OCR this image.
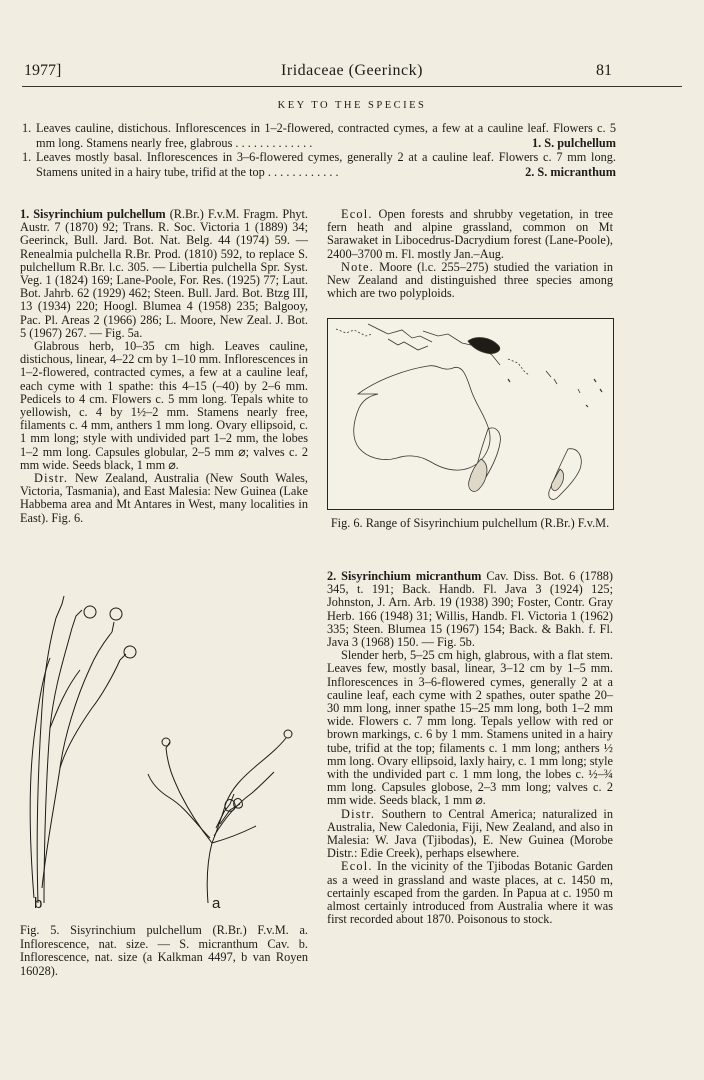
1977]	Iridaceae (Geerinck)	81
KEY TO THE SPECIES
1. Leaves cauline, distichous. Inflorescences in 1–2-flowered, contracted cymes, a few at a cauline leaf. Flowers c. 5 mm long. Stamens nearly free, glabrous . . . . . . . . . . . . .	1. S. pulchellum
1. Leaves mostly basal. Inflorescences in 3–6-flowered cymes, generally 2 at a cauline leaf. Flowers c. 7 mm long. Stamens united in a hairy tube, trifid at the top . . . . . . . . . . . .	2. S. micranthum

1. Sisyrinchium pulchellum (R.Br.) F.v.M. Fragm. Phyt. Austr. 7 (1870) 92; Trans. R. Soc. Victoria 1 (1889) 34; Geerinck, Bull. Jard. Bot. Nat. Belg. 44 (1974) 59. — Renealmia pulchella R.Br. Prod. (1810) 592, to replace S. pulchellum R.Br. l.c. 305. — Libertia pulchella Spr. Syst. Veg. 1 (1824) 169; Lane-Poole, For. Res. (1925) 77; Laut. Bot. Jahrb. 62 (1929) 462; Steen. Bull. Jard. Bot. Btzg III, 13 (1934) 220; Hoogl. Blumea 4 (1958) 235; Balgooy, Pac. Pl. Areas 2 (1966) 286; L. Moore, New Zeal. J. Bot. 5 (1967) 267. — Fig. 5a.

Glabrous herb, 10–35 cm high. Leaves cauline, distichous, linear, 4–22 cm by 1–10 mm. Inflorescences in 1–2-flowered, contracted cymes, a few at a cauline leaf, each cyme with 1 spathe: this 4–15 (–40) by 2–6 mm. Pedicels to 4 cm. Flowers c. 5 mm long. Tepals white to yellowish, c. 4 by 1½–2 mm. Stamens nearly free, filaments c. 4 mm, anthers 1 mm long. Ovary ellipsoid, c. 1 mm long; style with undivided part 1–2 mm, the lobes 1–2 mm long. Capsules globular, 2–5 mm ⌀; valves c. 2 mm wide. Seeds black, 1 mm ⌀.

Distr. New Zealand, Australia (New South Wales, Victoria, Tasmania), and East Malesia: New Guinea (Lake Habbema area and Mt Antares in West, many localities in East). Fig. 6.

Ecol. Open forests and shrubby vegetation, in tree fern heath and alpine grassland, common on Mt Sarawaket in Libocedrus-Dacrydium forest (Lane-Poole), 2400–3700 m. Fl. mostly Jan.–Aug.

Note. Moore (l.c. 255–275) studied the variation in New Zealand and distinguished three species among which are two polyploids.

Fig. 6. Range of Sisyrinchium pulchellum (R.Br.) F.v.M.

2. Sisyrinchium micranthum Cav. Diss. Bot. 6 (1788) 345, t. 191; Back. Handb. Fl. Java 3 (1924) 125; Johnston, J. Arn. Arb. 19 (1938) 390; Foster, Contr. Gray Herb. 166 (1948) 31; Willis, Handb. Fl. Victoria 1 (1962) 335; Steen. Blumea 15 (1967) 154; Back. & Bakh. f. Fl. Java 3 (1968) 150. — Fig. 5b.

Slender herb, 5–25 cm high, glabrous, with a flat stem. Leaves few, mostly basal, linear, 3–12 cm by 1–5 mm. Inflorescences in 3–6-flowered cymes, generally 2 at a cauline leaf, each cyme with 2 spathes, outer spathe 20–30 mm long, inner spathe 15–25 mm long, both 1–2 mm wide. Flowers c. 7 mm long. Tepals yellow with red or brown markings, c. 6 by 1 mm. Stamens united in a hairy tube, trifid at the top; filaments c. 1 mm long; anthers ½ mm long. Ovary ellipsoid, laxly hairy, c. 1 mm long; style with the undivided part c. 1 mm long, the lobes c. ½–¾ mm long. Capsules globose, 2–3 mm long; valves c. 2 mm wide. Seeds black, 1 mm ⌀.

Distr. Southern to Central America; naturalized in Australia, New Caledonia, Fiji, New Zealand, and also in Malesia: W. Java (Tjibodas), E. New Guinea (Morobe Distr.: Edie Creek), perhaps elsewhere.

Ecol. In the vicinity of the Tjibodas Botanic Garden as a weed in grassland and waste places, at c. 1450 m, certainly escaped from the garden. In Papua at c. 1950 m almost certainly introduced from Australia where it was first recorded about 1870. Poisonous to stock.

b	a
Fig. 5. Sisyrinchium pulchellum (R.Br.) F.v.M. a. Inflorescence, nat. size. — S. micranthum Cav. b. Inflorescence, nat. size (a Kalkman 4497, b van Royen 16028).
